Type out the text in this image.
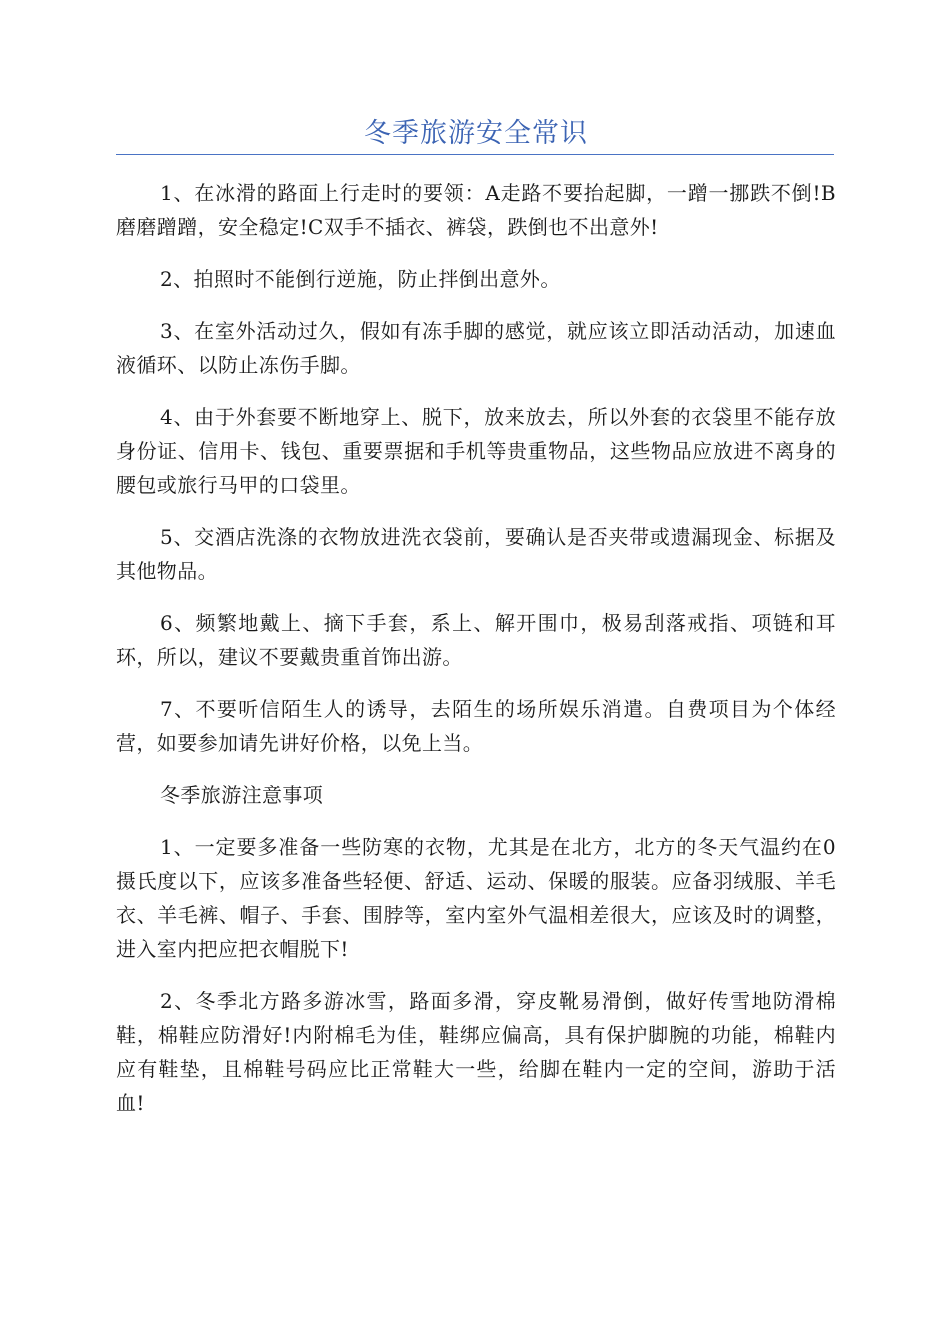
冬季旅游安全常识

1、在冰滑的路面上行走时的要领：A走路不要抬起脚，一蹭一挪跌不倒!B磨磨蹭蹭，安全稳定!C双手不插衣、裤袋，跌倒也不出意外!

2、拍照时不能倒行逆施，防止拌倒出意外。

3、在室外活动过久，假如有冻手脚的感觉，就应该立即活动活动，加速血液循环、以防止冻伤手脚。

4、由于外套要不断地穿上、脱下，放来放去，所以外套的衣袋里不能存放身份证、信用卡、钱包、重要票据和手机等贵重物品，这些物品应放进不离身的腰包或旅行马甲的口袋里。

5、交酒店洗涤的衣物放进洗衣袋前，要确认是否夹带或遗漏现金、标据及其他物品。

6、频繁地戴上、摘下手套，系上、解开围巾，极易刮落戒指、项链和耳环，所以，建议不要戴贵重首饰出游。

7、不要听信陌生人的诱导，去陌生的场所娱乐消遣。自费项目为个体经营，如要参加请先讲好价格，以免上当。

冬季旅游注意事项

1、一定要多准备一些防寒的衣物，尤其是在北方，北方的冬天气温约在0摄氏度以下，应该多准备些轻便、舒适、运动、保暖的服装。应备羽绒服、羊毛衣、羊毛裤、帽子、手套、围脖等，室内室外气温相差很大，应该及时的调整，进入室内把应把衣帽脱下!

2、冬季北方路多游冰雪，路面多滑，穿皮靴易滑倒，做好传雪地防滑棉鞋，棉鞋应防滑好!内附棉毛为佳，鞋绑应偏高，具有保护脚腕的功能，棉鞋内应有鞋垫，且棉鞋号码应比正常鞋大一些，给脚在鞋内一定的空间，游助于活血!
